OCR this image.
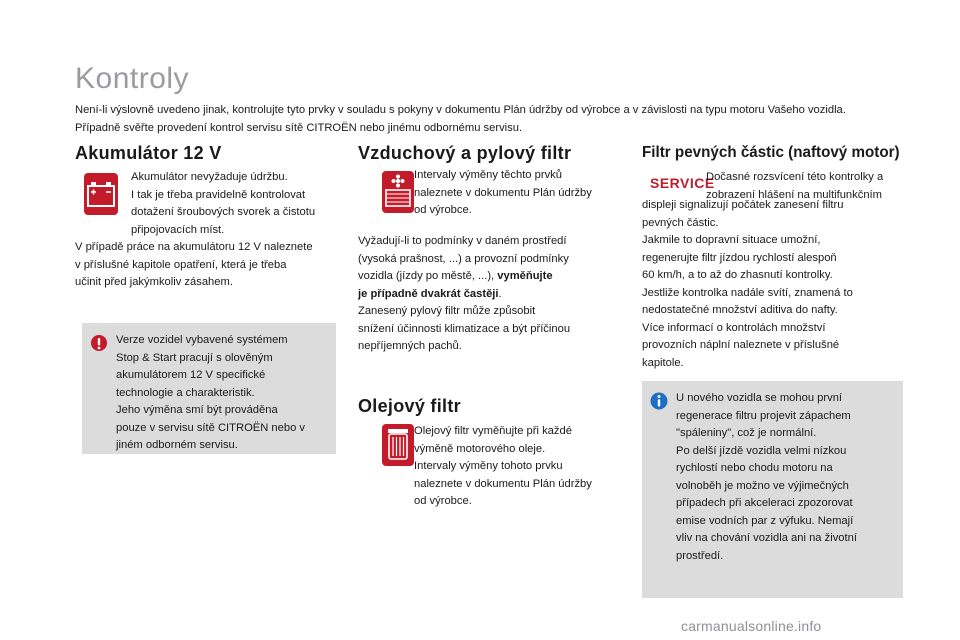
Kontroly

Není-li výslovně uvedeno jinak, kontrolujte tyto prvky v souladu s pokyny v dokumentu Plán údržby od výrobce a v závislosti na typu motoru Vašeho vozidla.

Případně svěřte provedení kontrol servisu sítě CITROËN nebo jinému odbornému servisu.

Akumulátor 12 V

Akumulátor nevyžaduje údržbu.

I tak je třeba pravidelně kontrolovat

dotažení šroubových svorek a čistotu

připojovacích míst.

V případě práce na akumulátoru 12 V naleznete

v příslušné kapitole opatření, která je třeba

učinit před jakýmkoliv zásahem.

Verze vozidel vybavené systémem

Stop & Start pracují s olověným

akumulátorem 12 V specifické

technologie a charakteristik.

Jeho výměna smí být prováděna

pouze v servisu sítě CITROËN nebo v

jiném odborném servisu.

Vzduchový a pylový filtr

Intervaly výměny těchto prvků

naleznete v dokumentu Plán údržby

od výrobce.

Vyžadují-li to podmínky v daném prostředí

(vysoká prašnost, ...) a provozní podmínky

vozidla (jízdy po městě, ...), vyměňujte

je případně dvakrát častěji.

Zanesený pylový filtr může způsobit

snížení účinnosti klimatizace a být příčinou

nepříjemných pachů.

Olejový filtr

Olejový filtr vyměňujte při každé

výměně motorového oleje.

Intervaly výměny tohoto prvku

naleznete v dokumentu Plán údržby

od výrobce.

Filtr pevných částic (naftový motor)
SERVICE

Dočasné rozsvícení této kontrolky a

zobrazení hlášení na multifunkčním

displeji signalizují počátek zanesení filtru

pevných částic.

Jakmile to dopravní situace umožní,

regenerujte filtr jízdou rychlostí alespoň

60 km/h, a to až do zhasnutí kontrolky.

Jestliže kontrolka nadále svítí, znamená to

nedostatečné množství aditiva do nafty.

Více informací o kontrolách množství

provozních náplní naleznete v příslušné

kapitole.

U nového vozidla se mohou první

regenerace filtru projevit zápachem

"spáleniny", což je normální.

Po delší jízdě vozidla velmi nízkou

rychlostí nebo chodu motoru na

volnoběh je možno ve výjimečných

případech při akceleraci zpozorovat

emise vodních par z výfuku. Nemají

vliv na chování vozidla ani na životní

prostředí.

carmanualsonline.info
